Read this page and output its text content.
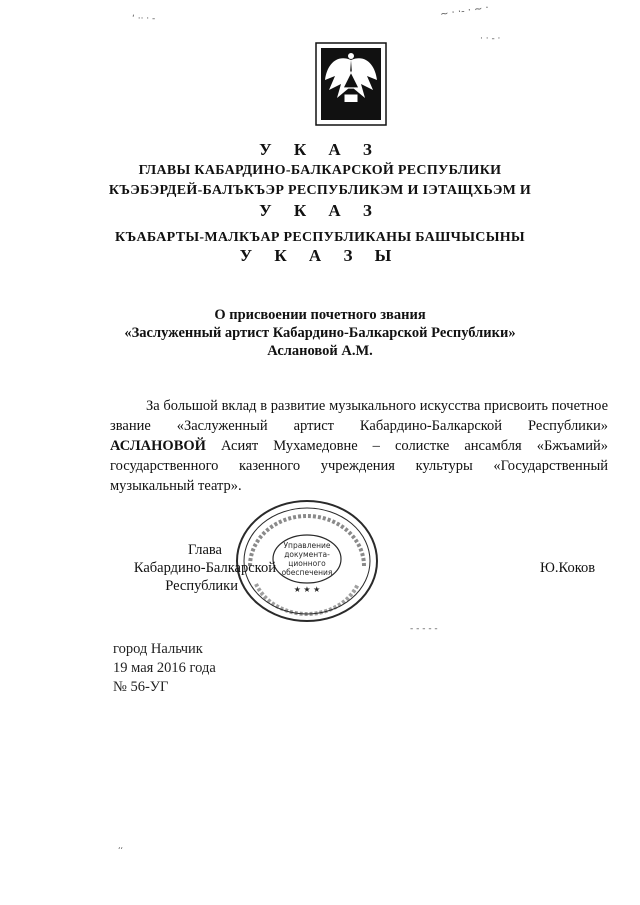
‘ ·· · -	~ · ·‐ · ~ ·
· · ‐ ·
У К А З
ГЛАВЫ КАБАРДИНО-БАЛКАРСКОЙ РЕСПУБЛИКИ
КЪЭБЭРДЕЙ-БАЛЪКЪЭР РЕСПУБЛИКЭМ И ІЭТАЩХЬЭМ И
У К А З
КЪАБАРТЫ-МАЛКЪАР РЕСПУБЛИКАНЫ БАШЧЫСЫНЫ
У К А З Ы
О присвоении почетного звания
«Заслуженный артист Кабардино-Балкарской Республики»
Аслановой А.М.
За большой вклад в развитие музыкального искусства присвоить почетное звание «Заслуженный артист Кабардино-Балкарской Республики» АСЛАНОВОЙ Асият Мухамедовне – солистке ансамбля «Бжъамий» государственного казенного учреждения культуры «Государственный музыкальный театр».
★ ★ ★
Управление
документа-
ционного
обеспечения
Глава
Кабардино-Балкарской
Республики
Ю.Коков
‐ ‐ ‐ ‐ ‐
город Нальчик
19 мая 2016 года
№ 56-УГ
‘‘
